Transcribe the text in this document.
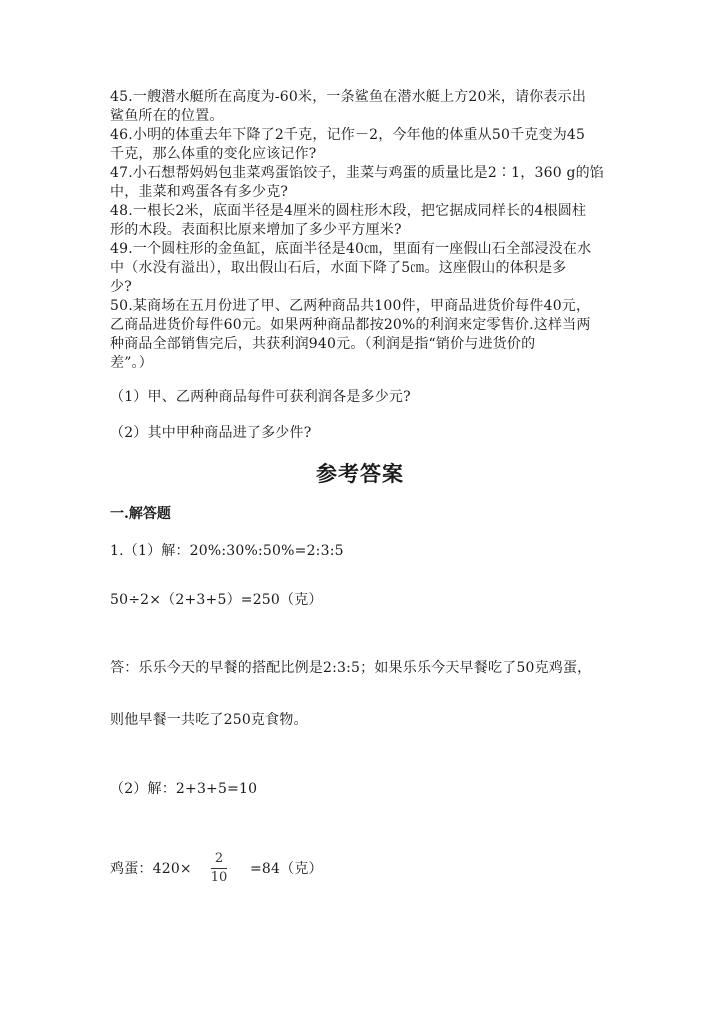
45.一艘潜水艇所在高度为-60米，一条鲨鱼在潜水艇上方20米，请你表示出
鲨鱼所在的位置。
46.小明的体重去年下降了2千克，记作－2，今年他的体重从50千克变为45
千克，那么体重的变化应该记作?
47.小石想帮妈妈包韭菜鸡蛋馅饺子，韭菜与鸡蛋的质量比是2∶1，360 g的馅
中，韭菜和鸡蛋各有多少克?
48.一根长2米，底面半径是4厘米的圆柱形木段，把它据成同样长的4根圆柱
形的木段。表面积比原来增加了多少平方厘米?
49.一个圆柱形的金鱼缸，底面半径是40㎝，里面有一座假山石全部浸没在水
中（水没有溢出），取出假山石后，水面下降了5㎝。这座假山的体积是多
少?
50.某商场在五月份进了甲、乙两种商品共100件，甲商品进货价每件40元，
乙商品进货价每件60元。如果两种商品都按20%的利润来定零售价.这样当两
种商品全部销售完后，共获利润940元。（利润是指“销价与进货价的
差”。）
（1）甲、乙两种商品每件可获利润各是多少元?
（2）其中甲种商品进了多少件?
参考答案
一.解答题
1.（1）解：20%:30%:50%=2:3:5
50÷2×（2+3+5）=250（克）
答：乐乐今天的早餐的搭配比例是2:3:5；如果乐乐今天早餐吃了50克鸡蛋，
则他早餐一共吃了250克食物。
（2）解：2+3+5=10
鸡蛋：420×
2
10
=84（克）
